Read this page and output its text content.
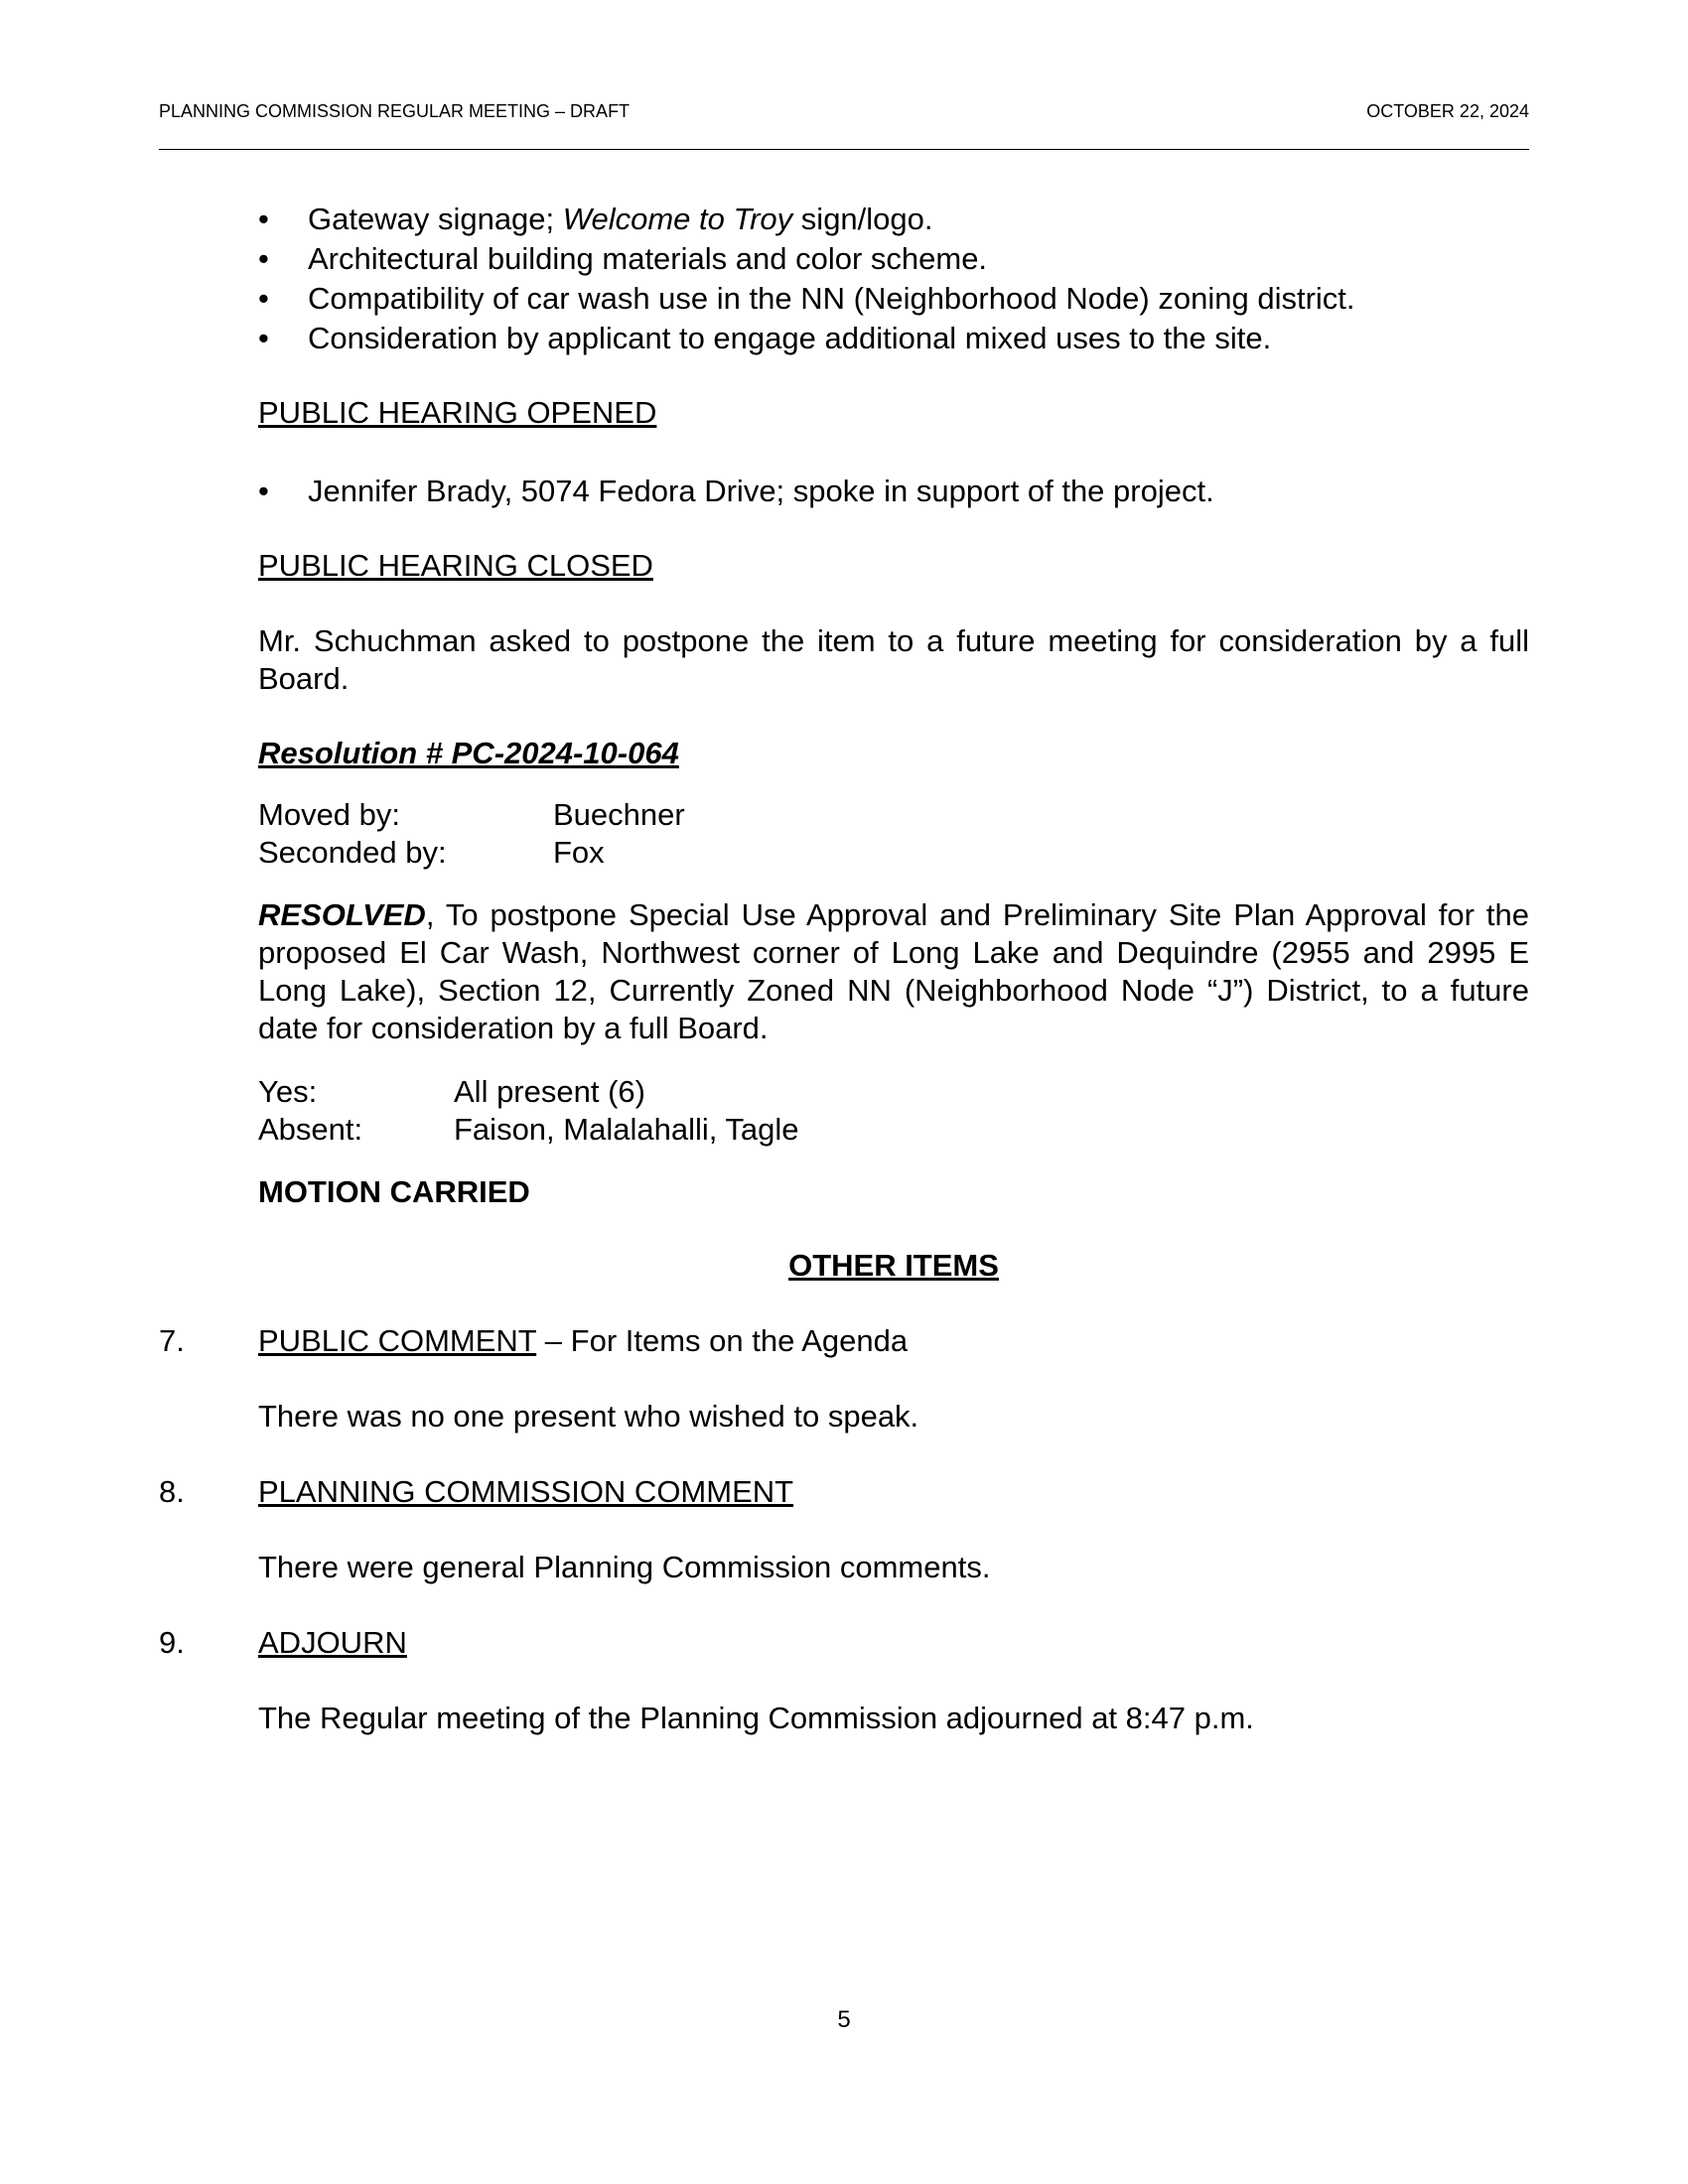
PLANNING COMMISSION REGULAR MEETING – DRAFT	OCTOBER 22, 2024
• Gateway signage; Welcome to Troy sign/logo.
• Architectural building materials and color scheme.
• Compatibility of car wash use in the NN (Neighborhood Node) zoning district.
• Consideration by applicant to engage additional mixed uses to the site.
PUBLIC HEARING OPENED
• Jennifer Brady, 5074 Fedora Drive; spoke in support of the project.
PUBLIC HEARING CLOSED
Mr. Schuchman asked to postpone the item to a future meeting for consideration by a full Board.
Resolution # PC-2024-10-064
Moved by:	Buechner
Seconded by:	Fox
RESOLVED, To postpone Special Use Approval and Preliminary Site Plan Approval for the proposed El Car Wash, Northwest corner of Long Lake and Dequindre (2955 and 2995 E Long Lake), Section 12, Currently Zoned NN (Neighborhood Node “J”) District, to a future date for consideration by a full Board.
Yes:	All present (6)
Absent:	Faison, Malalahalli, Tagle
MOTION CARRIED
OTHER ITEMS
7. PUBLIC COMMENT – For Items on the Agenda
There was no one present who wished to speak.
8. PLANNING COMMISSION COMMENT
There were general Planning Commission comments.
9. ADJOURN
The Regular meeting of the Planning Commission adjourned at 8:47 p.m.
5
